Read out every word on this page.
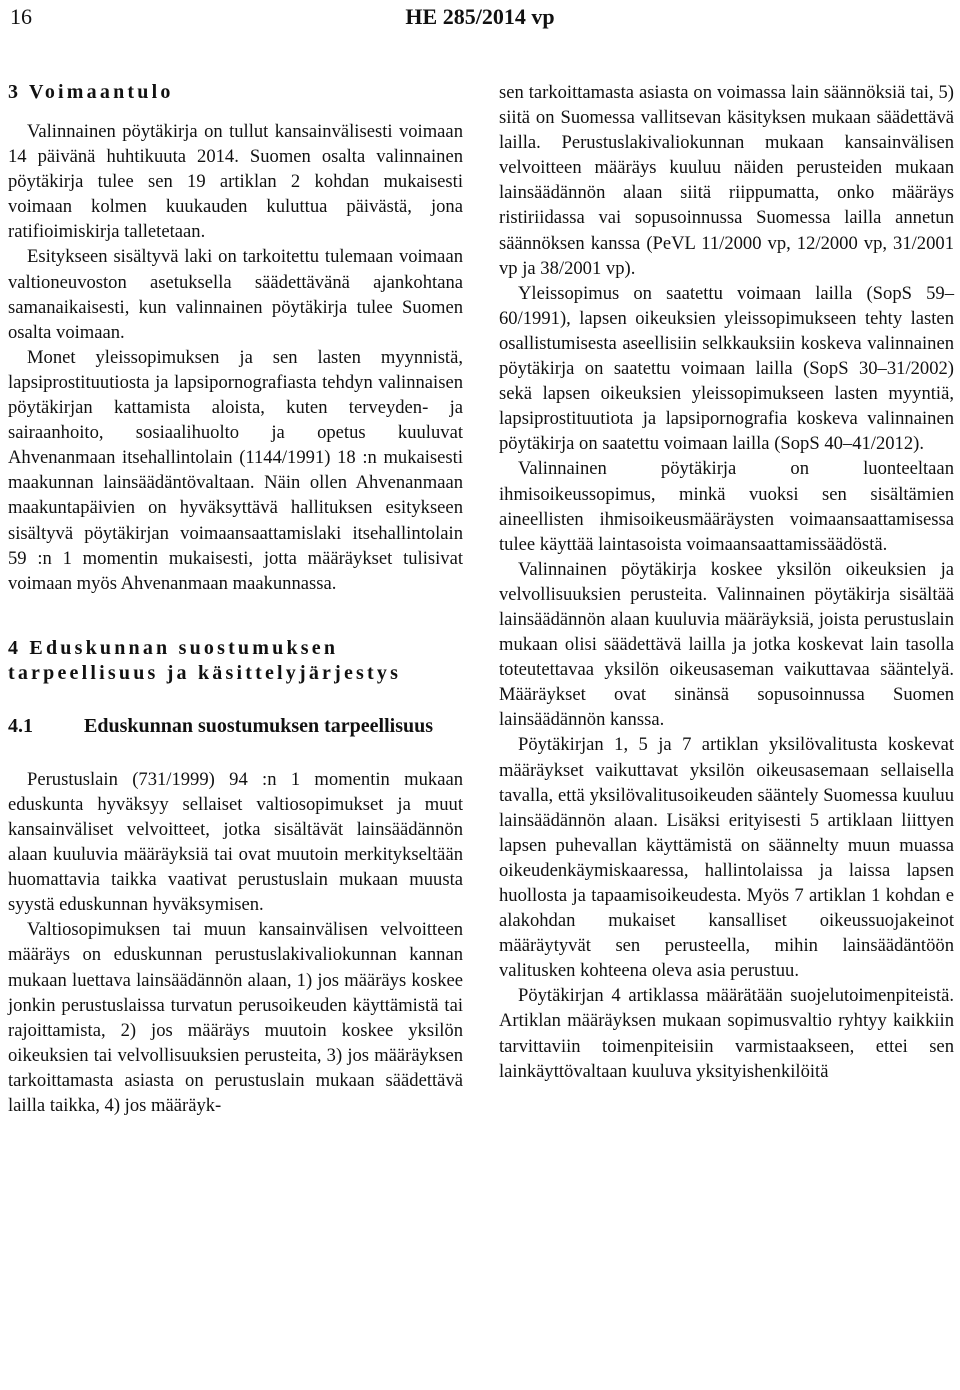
16	HE 285/2014 vp
3 Voimaantulo

Valinnainen pöytäkirja on tullut kansainvälisesti voimaan 14 päivänä huhtikuuta 2014. Suomen osalta valinnainen pöytäkirja tulee sen 19 artiklan 2 kohdan mukaisesti voimaan kolmen kuukauden kuluttua päivästä, jona ratifioimiskirja talletetaan.

Esitykseen sisältyvä laki on tarkoitettu tulemaan voimaan valtioneuvoston asetuksella säädettävänä ajankohtana samanaikaisesti, kun valinnainen pöytäkirja tulee Suomen osalta voimaan.

Monet yleissopimuksen ja sen lasten myynnistä, lapsiprostituutiosta ja lapsipornografiasta tehdyn valinnaisen pöytäkirjan kattamista aloista, kuten terveyden- ja sairaanhoito, sosiaalihuolto ja opetus kuuluvat Ahvenanmaan itsehallintolain (1144/1991) 18 :n mukaisesti maakunnan lainsäädäntövaltaan. Näin ollen Ahvenanmaan maakuntapäivien on hyväksyttävä hallituksen esitykseen sisältyvä pöytäkirjan voimaansaattamislaki itsehallintolain 59 :n 1 momentin mukaisesti, jotta määräykset tulisivat voimaan myös Ahvenanmaan maakunnassa.

4 Eduskunnan suostumuksen tarpeellisuus ja käsittelyjärjestys
4.1	Eduskunnan suostumuksen tarpeellisuus

Perustuslain (731/1999) 94 :n 1 momentin mukaan eduskunta hyväksyy sellaiset valtiosopimukset ja muut kansainväliset velvoitteet, jotka sisältävät lainsäädännön alaan kuuluvia määräyksiä tai ovat muutoin merkitykseltään huomattavia taikka vaativat perustuslain mukaan muusta syystä eduskunnan hyväksymisen.

Valtiosopimuksen tai muun kansainvälisen velvoitteen määräys on eduskunnan perustuslakivaliokunnan kannan mukaan luettava lainsäädännön alaan, 1) jos määräys koskee jonkin perustuslaissa turvatun perusoikeuden käyttämistä tai rajoittamista, 2) jos määräys muutoin koskee yksilön oikeuksien tai velvollisuuksien perusteita, 3) jos määräyksen tarkoittamasta asiasta on perustuslain mukaan säädettävä lailla taikka, 4) jos määräyk-

sen tarkoittamasta asiasta on voimassa lain säännöksiä tai, 5) siitä on Suomessa vallitsevan käsityksen mukaan säädettävä lailla. Perustuslakivaliokunnan mukaan kansainvälisen velvoitteen määräys kuuluu näiden perusteiden mukaan lainsäädännön alaan siitä riippumatta, onko määräys ristiriidassa vai sopusoinnussa Suomessa lailla annetun säännöksen kanssa (PeVL 11/2000 vp, 12/2000 vp, 31/2001 vp ja 38/2001 vp).

Yleissopimus on saatettu voimaan lailla (SopS 59–60/1991), lapsen oikeuksien yleissopimukseen tehty lasten osallistumisesta aseellisiin selkkauksiin koskeva valinnainen pöytäkirja on saatettu voimaan lailla (SopS 30–31/2002) sekä lapsen oikeuksien yleissopimukseen lasten myyntiä, lapsiprostituutiota ja lapsipornografia koskeva valinnainen pöytäkirja on saatettu voimaan lailla (SopS 40–41/2012).

Valinnainen pöytäkirja on luonteeltaan ihmisoikeussopimus, minkä vuoksi sen sisältämien aineellisten ihmisoikeusmääräysten voimaansaattamisessa tulee käyttää laintasoista voimaansaattamissäädöstä.

Valinnainen pöytäkirja koskee yksilön oikeuksien ja velvollisuuksien perusteita. Valinnainen pöytäkirja sisältää lainsäädännön alaan kuuluvia määräyksiä, joista perustuslain mukaan olisi säädettävä lailla ja jotka koskevat lain tasolla toteutettavaa yksilön oikeusaseman vaikuttavaa sääntelyä. Määräykset ovat sinänsä sopusoinnussa Suomen lainsäädännön kanssa.

Pöytäkirjan 1, 5 ja 7 artiklan yksilövalitusta koskevat määräykset vaikuttavat yksilön oikeusasemaan sellaisella tavalla, että yksilövalitusoikeuden sääntely Suomessa kuuluu lainsäädännön alaan. Lisäksi erityisesti 5 artiklaan liittyen lapsen puhevallan käyttämistä on säännelty muun muassa oikeudenkäymiskaaressa, hallintolaissa ja laissa lapsen huollosta ja tapaamisoikeudesta. Myös 7 artiklan 1 kohdan e alakohdan mukaiset kansalliset oikeussuojakeinot määräytyvät sen perusteella, mihin lainsäädäntöön valitusken kohteena oleva asia perustuu.

Pöytäkirjan 4 artiklassa määrätään suojelutoimenpiteistä. Artiklan määräyksen mukaan sopimusvaltio ryhtyy kaikkiin tarvittaviin toimenpiteisiin varmistaakseen, ettei sen lainkäyttövaltaan kuuluva yksityishenkilöitä
